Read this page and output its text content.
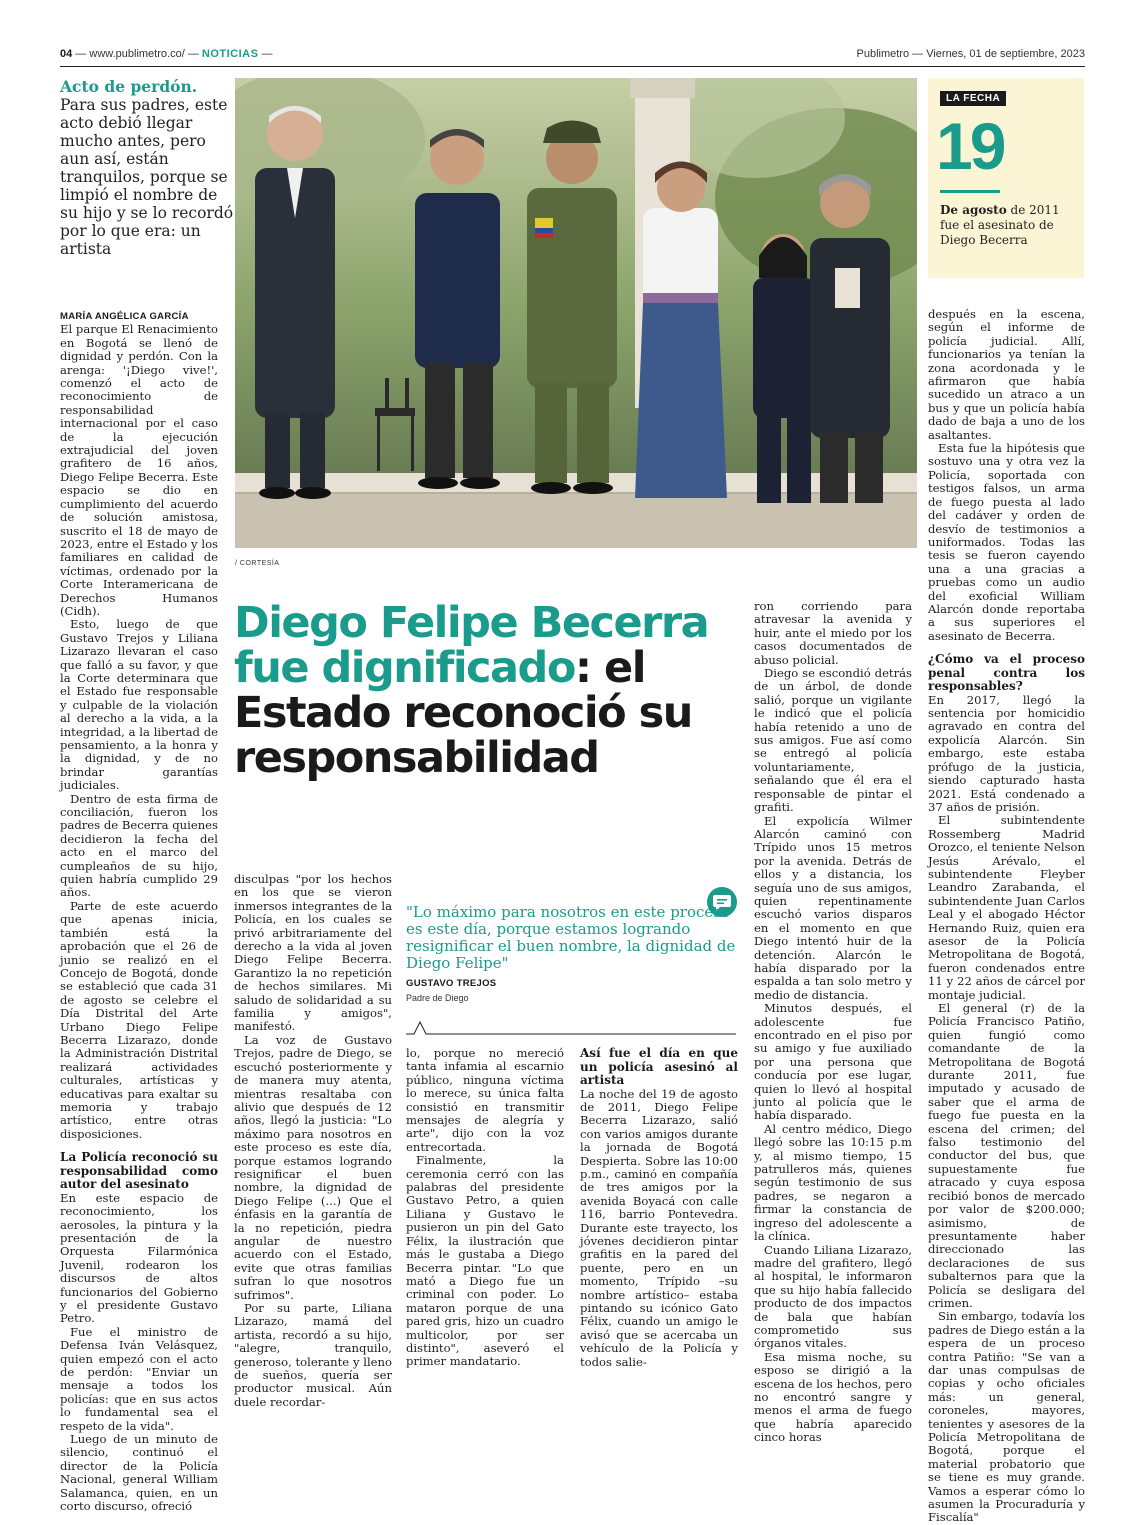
04 — www.publimetro.co/ — NOTICIAS —	Publimetro — Viernes, 01 de septiembre, 2023
Acto de perdón. Para sus padres, este acto debió llegar mucho antes, pero aun así, están tranquilos, porque se limpió el nombre de su hijo y se lo recordó por lo que era: un artista
/ CORTESÍA
LA FECHA
19
De agosto de 2011 fue el asesinato de Diego Becerra
MARÍA ANGÉLICA GARCÍA

El parque El Renacimiento en Bogotá se llenó de dignidad y perdón. Con la arenga: '¡Diego vive!', comenzó el acto de reconocimiento de responsabilidad internacional por el caso de la ejecución extrajudicial del joven grafitero de 16 años, Diego Felipe Becerra. Este espacio se dio en cumplimiento del acuerdo de solución amistosa, suscrito el 18 de mayo de 2023, entre el Estado y los familiares en calidad de víctimas, ordenado por la Corte Interamericana de Derechos Humanos (Cidh).

Esto, luego de que Gustavo Trejos y Liliana Lizarazo llevaran el caso que falló a su favor, y que la Corte determinara que el Estado fue responsable y culpable de la violación al derecho a la vida, a la integridad, a la libertad de pensamiento, a la honra y la dignidad, y de no brindar garantías judiciales.

Dentro de esta firma de conciliación, fueron los padres de Becerra quienes decidieron la fecha del acto en el marco del cumpleaños de su hijo, quien habría cumplido 29 años.

Parte de este acuerdo que apenas inicia, también está la aprobación que el 26 de junio se realizó en el Concejo de Bogotá, donde se estableció que cada 31 de agosto se celebre el Día Distrital del Arte Urbano Diego Felipe Becerra Lizarazo, donde la Administración Distrital realizará actividades culturales, artísticas y educativas para exaltar su memoria y trabajo artístico, entre otras disposiciones.

La Policía reconoció su responsabilidad como autor del asesinato

En este espacio de reconocimiento, los aerosoles, la pintura y la presentación de la Orquesta Filarmónica Juvenil, rodearon los discursos de altos funcionarios del Gobierno y el presidente Gustavo Petro.

Fue el ministro de Defensa Iván Velásquez, quien empezó con el acto de perdón: "Enviar un mensaje a todos los policías: que en sus actos lo fundamental sea el respeto de la vida".

Luego de un minuto de silencio, continuó el director de la Policía Nacional, general William Salamanca, quien, en un corto discurso, ofreció

Diego Felipe Becerra fue dignificado: el Estado reconoció su responsabilidad

disculpas "por los hechos en los que se vieron inmersos integrantes de la Policía, en los cuales se privó arbitrariamente del derecho a la vida al joven Diego Felipe Becerra. Garantizo la no repetición de hechos similares. Mi saludo de solidaridad a su familia y amigos", manifestó.

La voz de Gustavo Trejos, padre de Diego, se escuchó posteriormente y de manera muy atenta, mientras resaltaba con alivio que después de 12 años, llegó la justicia: "Lo máximo para nosotros en este proceso es este día, porque estamos logrando resignificar el buen nombre, la dignidad de Diego Felipe (...) Que el énfasis en la garantía de la no repetición, piedra angular de nuestro acuerdo con el Estado, evite que otras familias sufran lo que nosotros sufrimos".

Por su parte, Liliana Lizarazo, mamá del artista, recordó a su hijo, "alegre, tranquilo, generoso, tolerante y lleno de sueños, quería ser productor musical. Aún duele recordar-

"Lo máximo para nosotros en este proceso es este día, porque estamos logrando resignificar el buen nombre, la dignidad de Diego Felipe"
GUSTAVO TREJOS
Padre de Diego

lo, porque no mereció tanta infamia al escarnio público, ninguna víctima lo merece, su única falta consistió en transmitir mensajes de alegría y arte", dijo con la voz entrecortada.

Finalmente, la ceremonia cerró con las palabras del presidente Gustavo Petro, a quien Liliana y Gustavo le pusieron un pin del Gato Félix, la ilustración que más le gustaba a Diego Becerra pintar. "Lo que mató a Diego fue un criminal con poder. Lo mataron porque de una pared gris, hizo un cuadro multicolor, por ser distinto", aseveró el primer mandatario.

Así fue el día en que un policía asesinó al artista

La noche del 19 de agosto de 2011, Diego Felipe Becerra Lizarazo, salió con varios amigos durante la jornada de Bogotá Despierta. Sobre las 10:00 p.m., caminó en compañía de tres amigos por la avenida Boyacá con calle 116, barrio Pontevedra. Durante este trayecto, los jóvenes decidieron pintar grafitis en la pared del puente, pero en un momento, Trípido –su nombre artístico– estaba pintando su icónico Gato Félix, cuando un amigo le avisó que se acercaba un vehículo de la Policía y todos salie-

ron corriendo para atravesar la avenida y huir, ante el miedo por los casos documentados de abuso policial.

Diego se escondió detrás de un árbol, de donde salió, porque un vigilante le indicó que el policía había retenido a uno de sus amigos. Fue así como se entregó al policía voluntariamente, señalando que él era el responsable de pintar el grafiti.

El expolicía Wilmer Alarcón caminó con Trípido unos 15 metros por la avenida. Detrás de ellos y a distancia, los seguía uno de sus amigos, quien repentinamente escuchó varios disparos en el momento en que Diego intentó huir de la detención. Alarcón le había disparado por la espalda a tan solo metro y medio de distancia.

Minutos después, el adolescente fue encontrado en el piso por su amigo y fue auxiliado por una persona que conducía por ese lugar, quien lo llevó al hospital junto al policía que le había disparado.

Al centro médico, Diego llegó sobre las 10:15 p.m y, al mismo tiempo, 15 patrulleros más, quienes según testimonio de sus padres, se negaron a firmar la constancia de ingreso del adolescente a la clínica.

Cuando Liliana Lizarazo, madre del grafitero, llegó al hospital, le informaron que su hijo había fallecido producto de dos impactos de bala que habían comprometido sus órganos vitales.

Esa misma noche, su esposo se dirigió a la escena de los hechos, pero no encontró sangre y menos el arma de fuego que habría aparecido cinco horas

después en la escena, según el informe de policía judicial. Allí, funcionarios ya tenían la zona acordonada y le afirmaron que había sucedido un atraco a un bus y que un policía había dado de baja a uno de los asaltantes.

Esta fue la hipótesis que sostuvo una y otra vez la Policía, soportada con testigos falsos, un arma de fuego puesta al lado del cadáver y orden de desvío de testimonios a uniformados. Todas las tesis se fueron cayendo una a una gracias a pruebas como un audio del exoficial William Alarcón donde reportaba a sus superiores el asesinato de Becerra.

¿Cómo va el proceso penal contra los responsables?

En 2017, llegó la sentencia por homicidio agravado en contra del expolicía Alarcón. Sin embargo, este estaba prófugo de la justicia, siendo capturado hasta 2021. Está condenado a 37 años de prisión.

El subintendente Rossemberg Madrid Orozco, el teniente Nelson Jesús Arévalo, el subintendente Fleyber Leandro Zarabanda, el subintendente Juan Carlos Leal y el abogado Héctor Hernando Ruiz, quien era asesor de la Policía Metropolitana de Bogotá, fueron condenados entre 11 y 22 años de cárcel por montaje judicial.

El general (r) de la Policía Francisco Patiño, quien fungió como comandante de la Metropolitana de Bogotá durante 2011, fue imputado y acusado de saber que el arma de fuego fue puesta en la escena del crimen; del falso testimonio del conductor del bus, que supuestamente fue atracado y cuya esposa recibió bonos de mercado por valor de $200.000; asimismo, de presuntamente haber direccionado las declaraciones de sus subalternos para que la Policía se desligara del crimen.

Sin embargo, todavía los padres de Diego están a la espera de un proceso contra Patiño: "Se van a dar unas compulsas de copias y ocho oficiales más: un general, coroneles, mayores, tenientes y asesores de la Policía Metropolitana de Bogotá, porque el material probatorio que se tiene es muy grande. Vamos a esperar cómo lo asumen la Procuraduría y Fiscalía"
